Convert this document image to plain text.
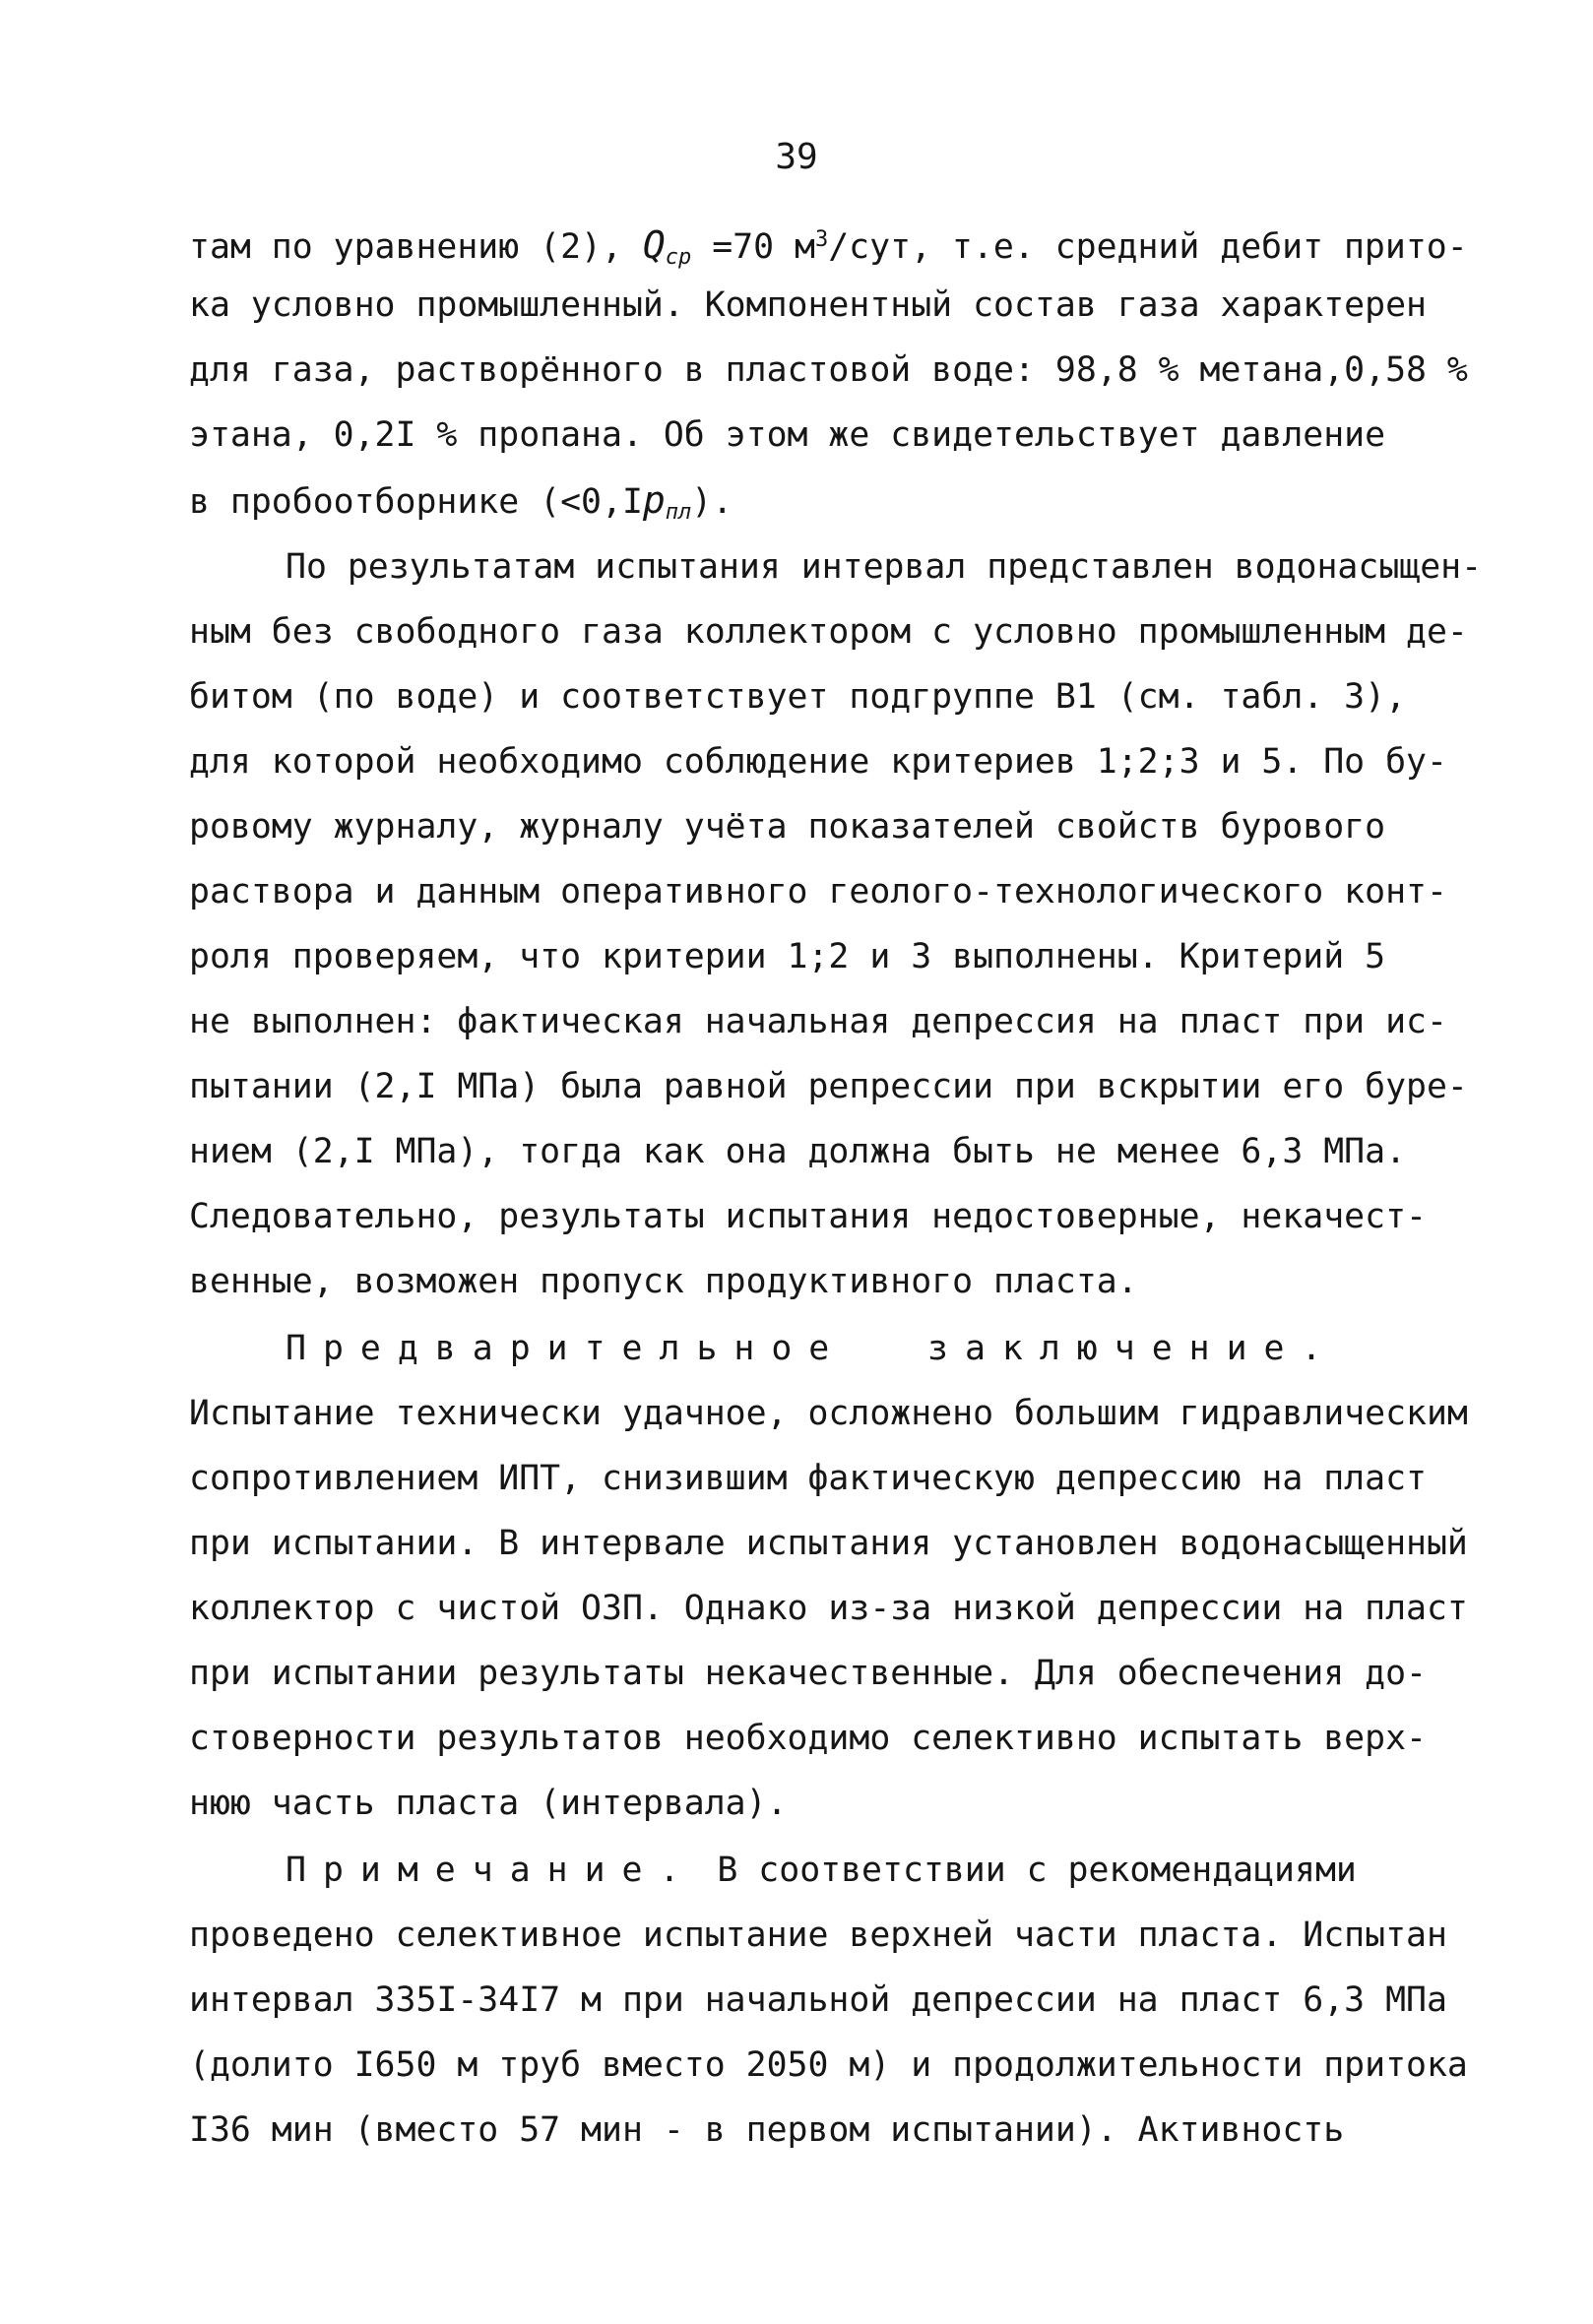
39
там по уравнению (2), $Q_{ср} =70$ $м^3$/сут, т.е. средний дебит прито-
ка условно промышленный. Компонентный состав газа характерен
для газа, растворённого в пластовой воде: 98,8 % метана,0,58 %
этана, 0,2I % пропана. Об этом же свидетельствует давление
в пробоотборнике $(<0,Ip_{пл})$.
По результатам испытания интервал представлен водонасыщен-
ным без свободного газа коллектором с условно промышленным де-
битом (по воде) и соответствует подгруппе B1 (см. табл. 3),
для которой необходимо соблюдение критериев 1;2;3 и 5. По бу-
ровому журналу, журналу учёта показателей свойств бурового
раствора и данным оперативного геолого-технологического конт-
роля проверяем, что критерии 1;2 и 3 выполнены. Критерий 5
не выполнен: фактическая начальная депрессия на пласт при ис-
пытании (2,I МПа) была равной репрессии при вскрытии его буре-
нием (2,I МПа), тогда как она должна быть не менее 6,3 МПа.
Следовательно, результаты испытания недостоверные, некачест-
венные, возможен пропуск продуктивного пласта.
Предварительное заключение.
Испытание технически удачное, осложнено большим гидравлическим
сопротивлением ИПТ, снизившим фактическую депрессию на пласт
при испытании. В интервале испытания установлен водонасыщенный
коллектор с чистой ОЗП. Однако из-за низкой депрессии на пласт
при испытании результаты некачественные. Для обеспечения до-
стоверности результатов необходимо селективно испытать верх-
нюю часть пласта (интервала).
Примечание. В соответствии с рекомендациями
проведено селективное испытание верхней части пласта. Испытан
интервал 335I-34I7 м при начальной депрессии на пласт 6,3 МПа
(долито I650 м труб вместо 2050 м) и продолжительности притока
I36 мин (вместо 57 мин - в первом испытании). Активность
